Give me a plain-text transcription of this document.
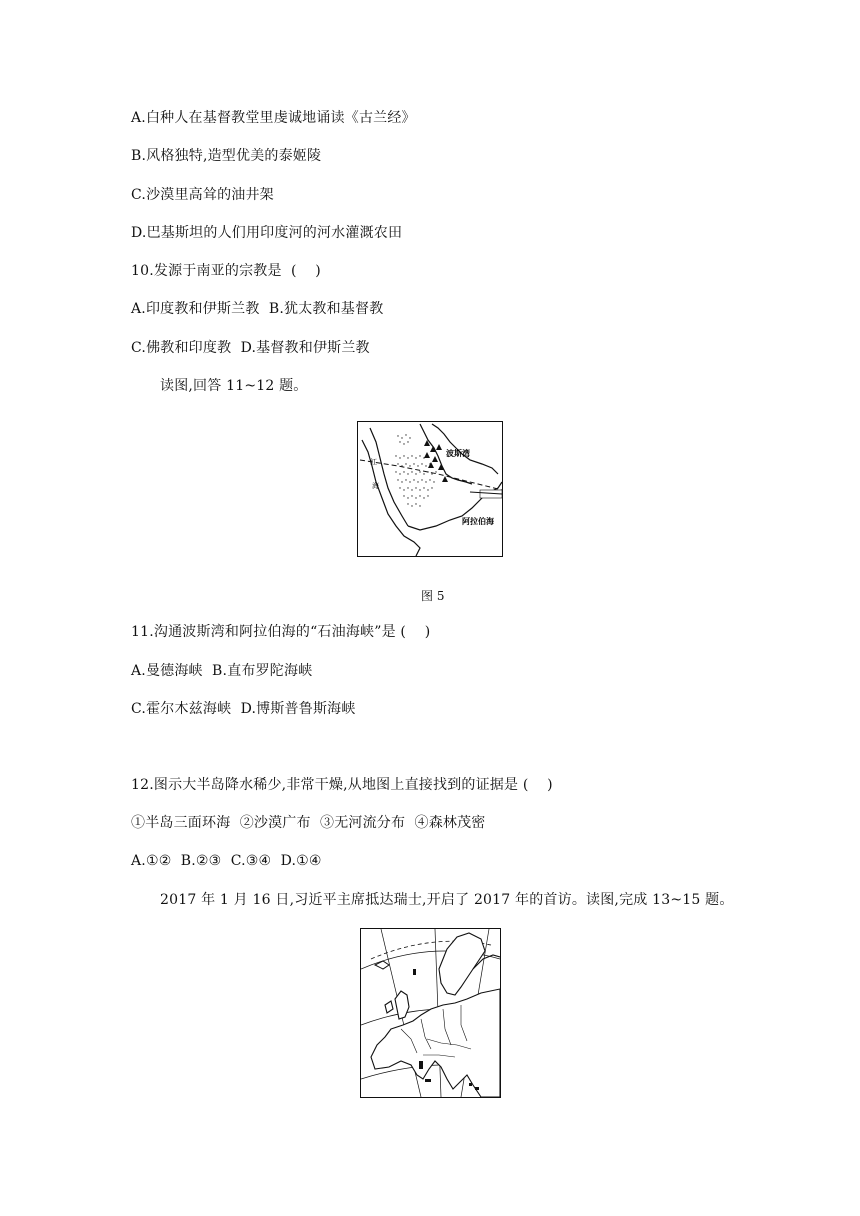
A.白种人在基督教堂里虔诚地诵读《古兰经》
B.风格独特,造型优美的泰姬陵
C.沙漠里高耸的油井架
D.巴基斯坦的人们用印度河的河水灌溉农田
10.发源于南亚的宗教是  (    )
A.印度教和伊斯兰教  B.犹太教和基督教
C.佛教和印度教  D.基督教和伊斯兰教
读图,回答 11~12 题。
波斯湾
阿拉伯海
红
海
图 5
11.沟通波斯湾和阿拉伯海的“石油海峡”是 (    )
A.曼德海峡  B.直布罗陀海峡
C.霍尔木兹海峡  D.博斯普鲁斯海峡
12.图示大半岛降水稀少,非常干燥,从地图上直接找到的证据是 (    )
①半岛三面环海  ②沙漠广布  ③无河流分布  ④森林茂密
A.①②  B.②③  C.③④  D.①④
2017 年 1 月 16 日,习近平主席抵达瑞士,开启了 2017 年的首访。读图,完成 13~15 题。
